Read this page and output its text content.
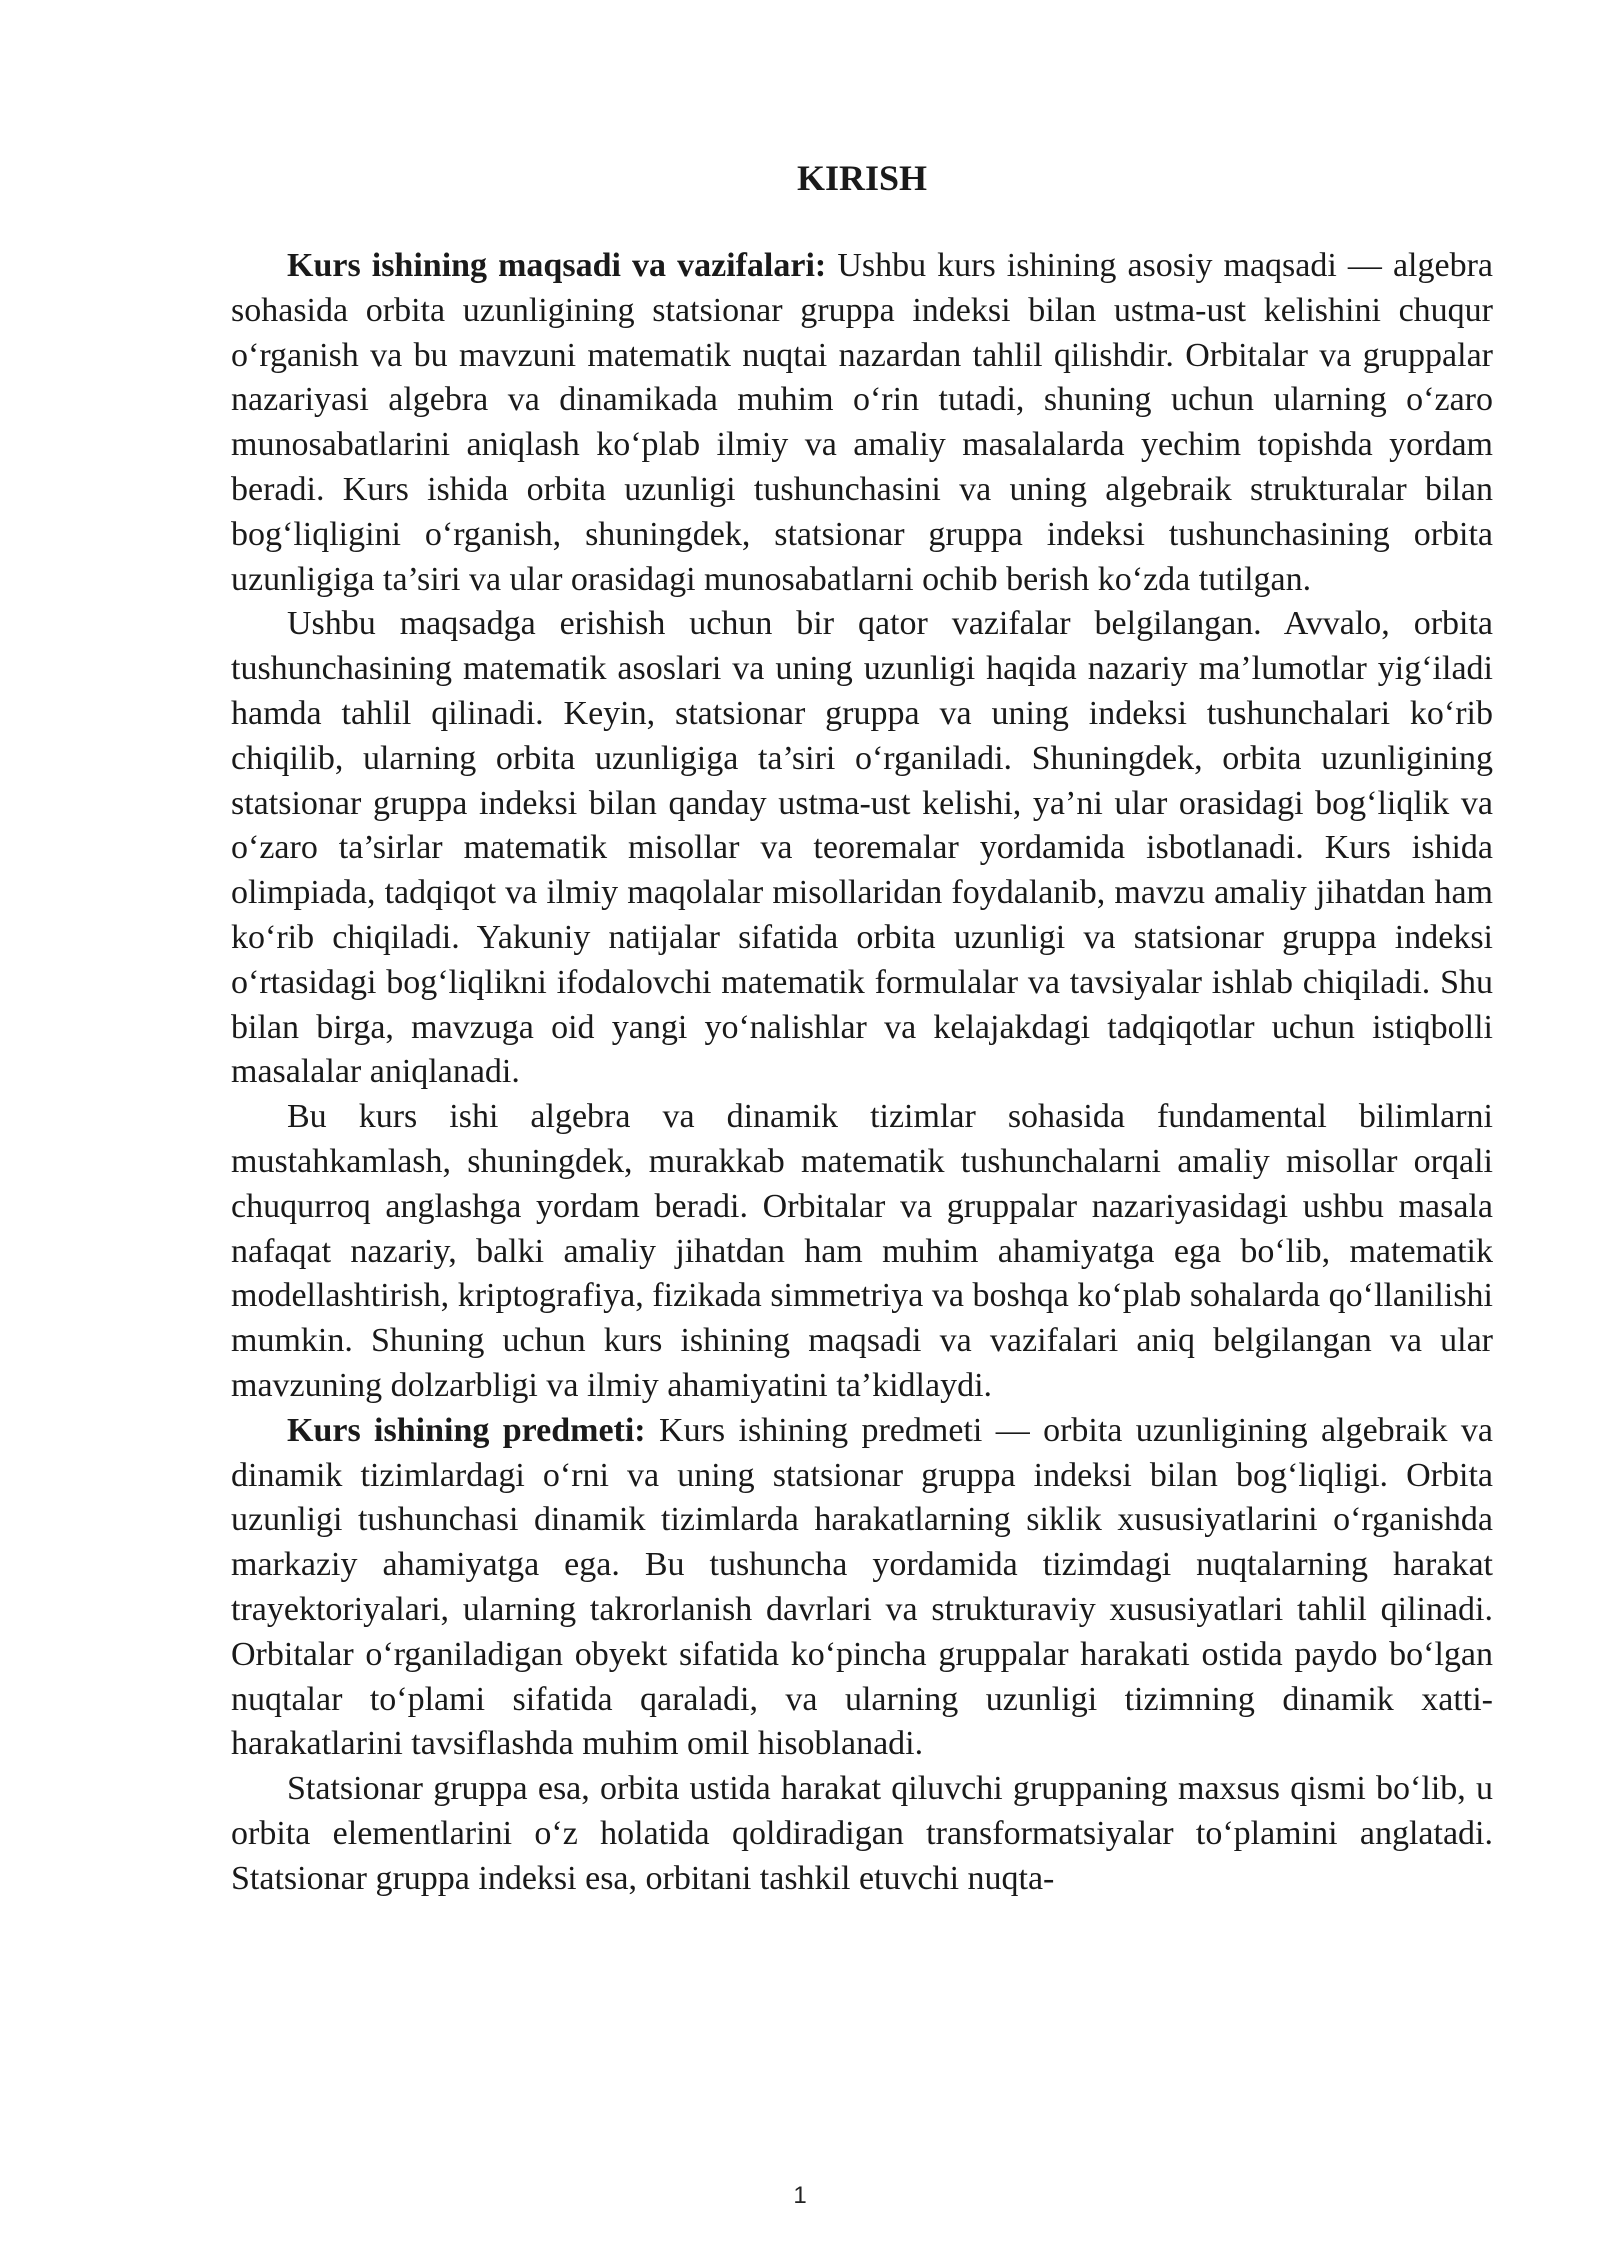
KIRISH

Kurs ishining maqsadi va vazifalari: Ushbu kurs ishining asosiy maqsadi — algebra sohasida orbita uzunligining statsionar gruppa indeksi bilan ustma-ust kelishini chuqur o‘rganish va bu mavzuni matematik nuqtai nazardan tahlil qilishdir. Orbitalar va gruppalar nazariyasi algebra va dinamikada muhim o‘rin tutadi, shuning uchun ularning o‘zaro munosabatlarini aniqlash ko‘plab ilmiy va amaliy masalalarda yechim topishda yordam beradi. Kurs ishida orbita uzunligi tushunchasini va uning algebraik strukturalar bilan bog‘liqligini o‘rganish, shuningdek, statsionar gruppa indeksi tushunchasining orbita uzunligiga ta’siri va ular orasidagi munosabatlarni ochib berish ko‘zda tutilgan.

Ushbu maqsadga erishish uchun bir qator vazifalar belgilangan. Avvalo, orbita tushunchasining matematik asoslari va uning uzunligi haqida nazariy ma’lumotlar yig‘iladi hamda tahlil qilinadi. Keyin, statsionar gruppa va uning indeksi tushunchalari ko‘rib chiqilib, ularning orbita uzunligiga ta’siri o‘rganiladi. Shuningdek, orbita uzunligining statsionar gruppa indeksi bilan qanday ustma-ust kelishi, ya’ni ular orasidagi bog‘liqlik va o‘zaro ta’sirlar matematik misollar va teoremalar yordamida isbotlanadi. Kurs ishida olimpiada, tadqiqot va ilmiy maqolalar misollaridan foydalanib, mavzu amaliy jihatdan ham ko‘rib chiqiladi. Yakuniy natijalar sifatida orbita uzunligi va statsionar gruppa indeksi o‘rtasidagi bog‘liqlikni ifodalovchi matematik formulalar va tavsiyalar ishlab chiqiladi. Shu bilan birga, mavzuga oid yangi yo‘nalishlar va kelajakdagi tadqiqotlar uchun istiqbolli masalalar aniqlanadi.

Bu kurs ishi algebra va dinamik tizimlar sohasida fundamental bilimlarni mustahkamlash, shuningdek, murakkab matematik tushunchalarni amaliy misollar orqali chuqurroq anglashga yordam beradi. Orbitalar va gruppalar nazariyasidagi ushbu masala nafaqat nazariy, balki amaliy jihatdan ham muhim ahamiyatga ega bo‘lib, matematik modellashtirish, kriptografiya, fizikada simmetriya va boshqa ko‘plab sohalarda qo‘llanilishi mumkin. Shuning uchun kurs ishining maqsadi va vazifalari aniq belgilangan va ular mavzuning dolzarbligi va ilmiy ahamiyatini ta’kidlaydi.

Kurs ishining predmeti: Kurs ishining predmeti — orbita uzunligining algebraik va dinamik tizimlardagi o‘rni va uning statsionar gruppa indeksi bilan bog‘liqligi. Orbita uzunligi tushunchasi dinamik tizimlarda harakatlarning siklik xususiyatlarini o‘rganishda markaziy ahamiyatga ega. Bu tushuncha yordamida tizimdagi nuqtalarning harakat trayektoriyalari, ularning takrorlanish davrlari va strukturaviy xususiyatlari tahlil qilinadi. Orbitalar o‘rganiladigan obyekt sifatida ko‘pincha gruppalar harakati ostida paydo bo‘lgan nuqtalar to‘plami sifatida qaraladi, va ularning uzunligi tizimning dinamik xatti-harakatlarini tavsiflashda muhim omil hisoblanadi.

Statsionar gruppa esa, orbita ustida harakat qiluvchi gruppaning maxsus qismi bo‘lib, u orbita elementlarini o‘z holatida qoldiradigan transformatsiyalar to‘plamini anglatadi. Statsionar gruppa indeksi esa, orbitani tashkil etuvchi nuqta-

1
